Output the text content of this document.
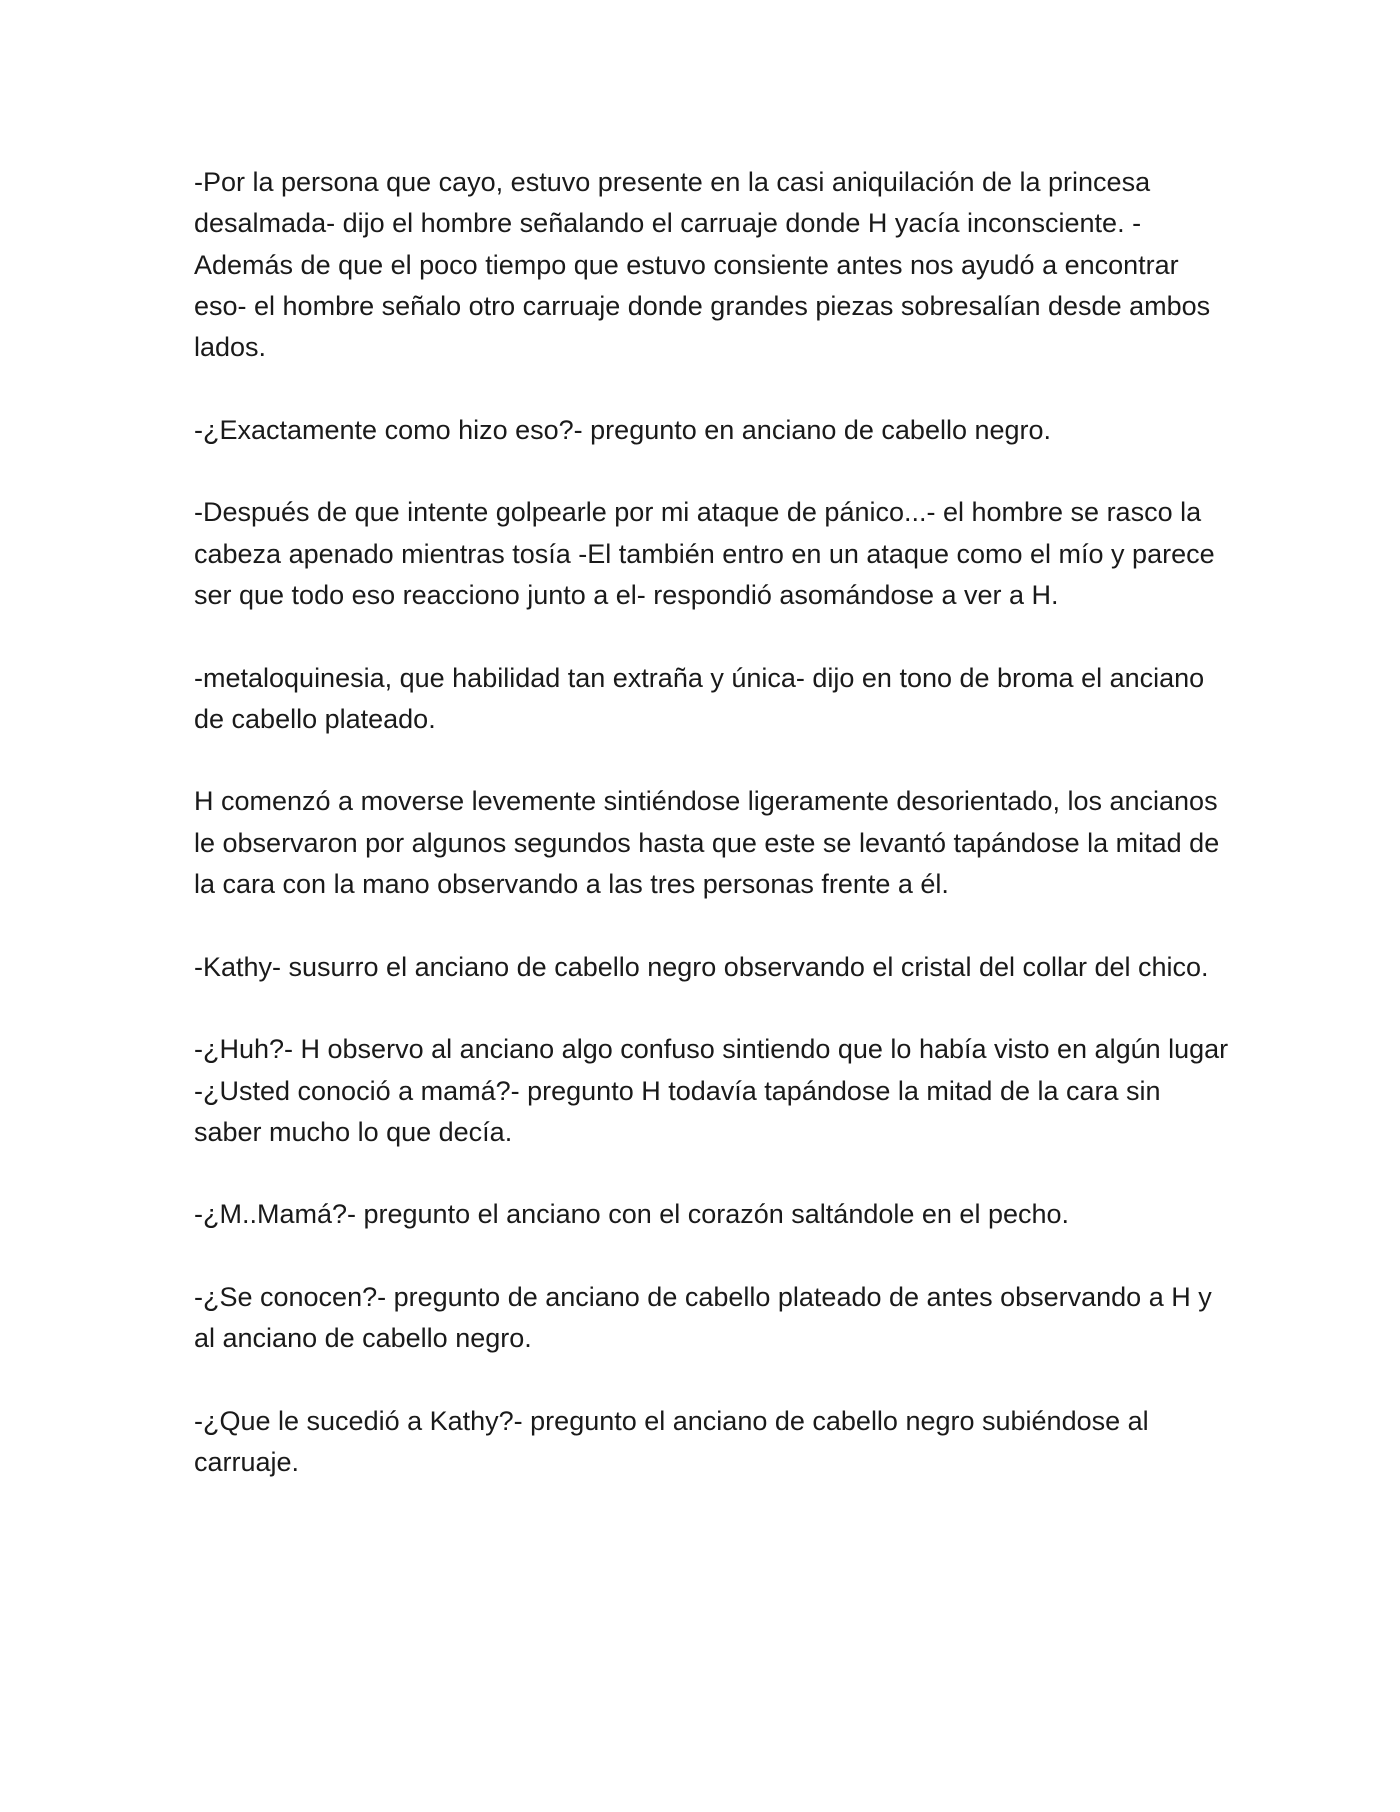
-Por la persona que cayo, estuvo presente en la casi aniquilación de la princesa desalmada- dijo el hombre señalando el carruaje donde H yacía inconsciente. -Además de que el poco tiempo que estuvo consiente antes nos ayudó a encontrar eso- el hombre señalo otro carruaje donde grandes piezas sobresalían desde ambos lados.

-¿Exactamente como hizo eso?- pregunto en anciano de cabello negro.

-Después de que intente golpearle por mi ataque de pánico...- el hombre se rasco la cabeza apenado mientras tosía -El también entro en un ataque como el mío y parece ser que todo eso reacciono junto a el- respondió asomándose a ver a H.

-metaloquinesia, que habilidad tan extraña y única- dijo en tono de broma el anciano de cabello plateado.

H comenzó a moverse levemente sintiéndose ligeramente desorientado, los ancianos le observaron por algunos segundos hasta que este se levantó tapándose la mitad de la cara con la mano observando a las tres personas frente a él.

-Kathy- susurro el anciano de cabello negro observando el cristal del collar del chico.

-¿Huh?- H observo al anciano algo confuso sintiendo que lo había visto en algún lugar -¿Usted conoció a mamá?- pregunto H todavía tapándose la mitad de la cara sin saber mucho lo que decía.

-¿M..Mamá?- pregunto el anciano con el corazón saltándole en el pecho.

-¿Se conocen?- pregunto de anciano de cabello plateado de antes observando a H y al anciano de cabello negro.

-¿Que le sucedió a Kathy?- pregunto el anciano de cabello negro subiéndose al carruaje.
